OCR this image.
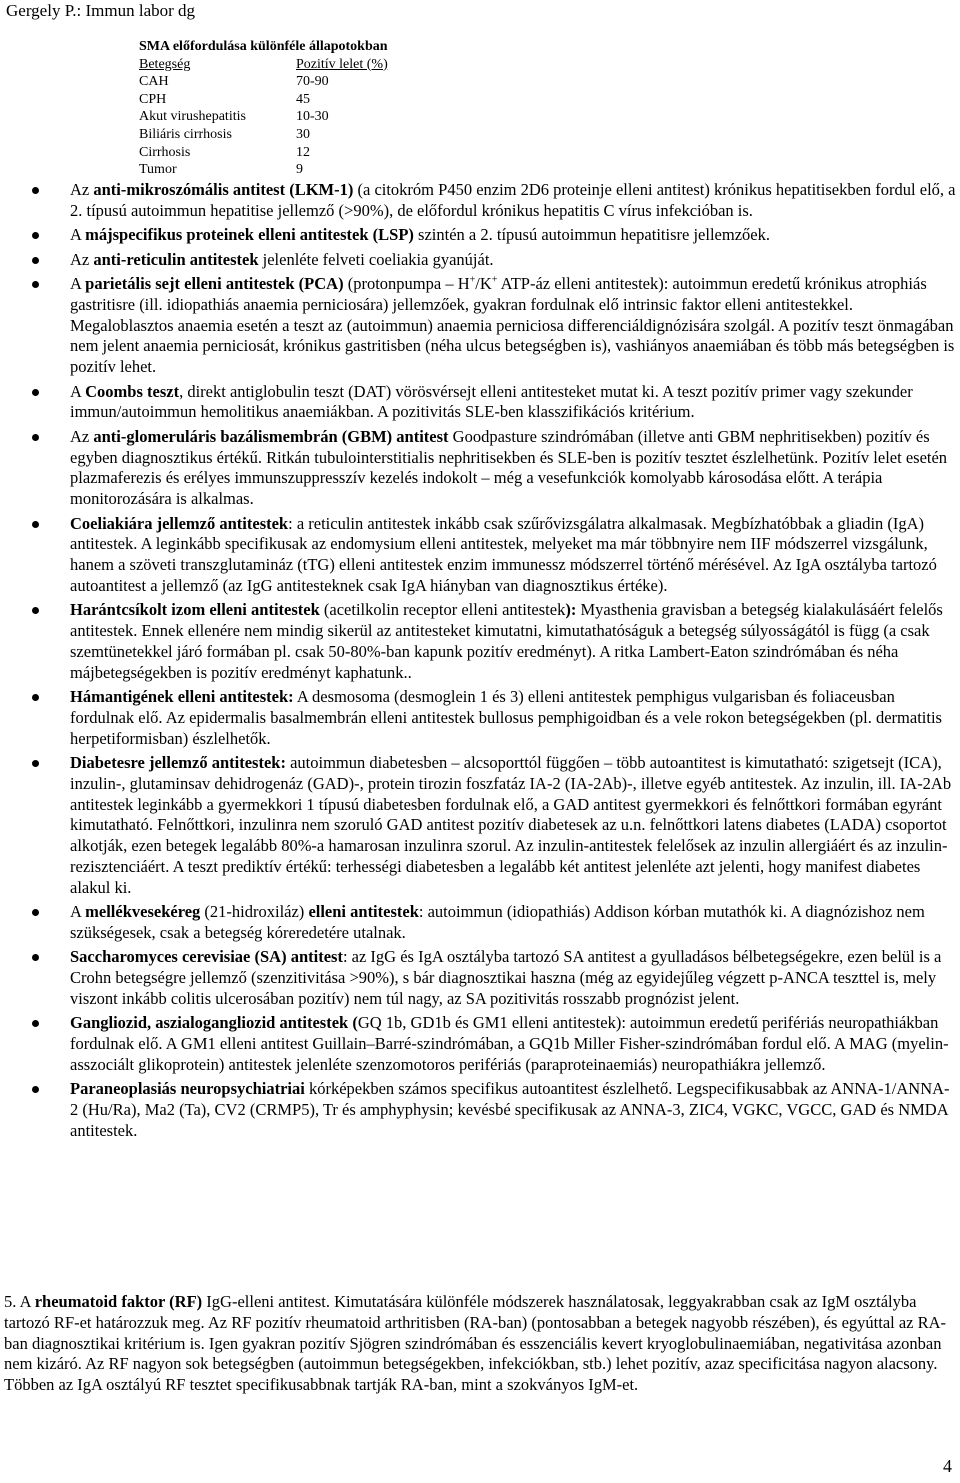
Gergely P.: Immun labor dg
SMA előfordulása különféle állapotokban
Betegség	Pozitív lelet (%)
CAH	70-90
CPH	45
Akut virushepatitis	10-30
Biliáris cirrhosis	30
Cirrhosis	12
Tumor	9
Az anti-mikroszómális antitest (LKM-1) (a citokróm P450 enzim 2D6 proteinje elleni antitest) krónikus hepatitisekben fordul elő, a 2. típusú autoimmun hepatitise jellemző (>90%), de előfordul krónikus hepatitis C vírus infekcióban is.
A májspecifikus proteinek elleni antitestek (LSP) szintén a 2. típusú autoimmun hepatitisre jellemzőek.
Az anti-reticulin antitestek jelenléte felveti coeliakia gyanúját.
A parietális sejt elleni antitestek (PCA) (protonpumpa – H+/K+ ATP-áz elleni antitestek): autoimmun eredetű krónikus atrophiás gastritisre (ill. idiopathiás anaemia perniciosára) jellemzőek, gyakran fordulnak elő intrinsic faktor elleni antitestekkel. Megaloblasztos anaemia esetén a teszt az (autoimmun) anaemia perniciosa differenciáldignózisára szolgál. A pozitív teszt önmagában nem jelent anaemia perniciosát, krónikus gastritisben (néha ulcus betegségben is), vashiányos anaemiában és több más betegségben is pozitív lehet.
A Coombs teszt, direkt antiglobulin teszt (DAT) vörösvérsejt elleni antitesteket mutat ki. A teszt pozitív primer vagy szekunder immun/autoimmun hemolitikus anaemiákban. A pozitivitás SLE-ben klasszifikációs kritérium.
Az anti-glomeruláris bazálismembrán (GBM) antitest Goodpasture szindrómában (illetve anti GBM nephritisekben) pozitív és egyben diagnosztikus értékű. Ritkán tubulointerstitialis nephritisekben és SLE-ben is pozitív tesztet észlelhetünk. Pozitív lelet esetén plazmaferezis és erélyes immunszuppresszív kezelés indokolt – még a vesefunkciók komolyabb károsodása előtt. A terápia monitorozására is alkalmas.
Coeliakiára jellemző antitestek: a reticulin antitestek inkább csak szűrővizsgálatra alkalmasak. Megbízhatóbbak a gliadin (IgA) antitestek. A leginkább specifikusak az endomysium elleni antitestek, melyeket ma már többnyire nem IIF módszerrel vizsgálunk, hanem a szöveti transzglutamináz (tTG) elleni antitestek enzim immunessz módszerrel történő mérésével. Az IgA osztályba tartozó autoantitest a jellemző (az IgG antitesteknek csak IgA hiányban van diagnosztikus értéke).
Harántcsíkolt izom elleni antitestek (acetilkolin receptor elleni antitestek): Myasthenia gravisban a betegség kialakulásáért felelős antitestek. Ennek ellenére nem mindig sikerül az antitesteket kimutatni, kimutathatóságuk a betegség súlyosságától is függ (a csak szemtünetekkel járó formában pl. csak 50-80%-ban kapunk pozitív eredményt). A ritka Lambert-Eaton szindrómában és néha májbetegségekben is pozitív eredményt kaphatunk..
Hámantigének elleni antitestek: A desmosoma (desmoglein 1 és 3) elleni antitestek pemphigus vulgarisban és foliaceusban fordulnak elő. Az epidermalis basalmembrán elleni antitestek bullosus pemphigoidban és a vele rokon betegségekben (pl. dermatitis herpetiformisban) észlelhetők.
Diabetesre jellemző antitestek: autoimmun diabetesben – alcsoporttól függően – több autoantitest is kimutatható: szigetsejt (ICA), inzulin-, glutaminsav dehidrogenáz (GAD)-, protein tirozin foszfatáz IA-2 (IA-2Ab)-, illetve egyéb antitestek. Az inzulin, ill. IA-2Ab antitestek leginkább a gyermekkori 1 típusú diabetesben fordulnak elő, a GAD antitest gyermekkori és felnőttkori formában egyránt kimutatható. Felnőttkori, inzulinra nem szoruló GAD antitest pozitív diabetesek az u.n. felnőttkori latens diabetes (LADA) csoportot alkotják, ezen betegek legalább 80%-a hamarosan inzulinra szorul. Az inzulin-antitestek felelősek az inzulin allergiáért és az inzulin-rezisztenciáért. A teszt prediktív értékű: terhességi diabetesben a legalább két antitest jelenléte azt jelenti, hogy manifest diabetes alakul ki.
A mellékvesekéreg (21-hidroxiláz) elleni antitestek: autoimmun (idiopathiás) Addison kórban mutathók ki. A diagnózishoz nem szükségesek, csak a betegség kóreredetére utalnak.
Saccharomyces cerevisiae (SA) antitest: az IgG és IgA osztályba tartozó SA antitest a gyulladásos bélbetegségekre, ezen belül is a Crohn betegségre jellemző (szenzitivitása >90%), s bár diagnosztikai haszna (még az egyidejűleg végzett p-ANCA teszttel is, mely viszont inkább colitis ulcerosában pozitív) nem túl nagy, az SA pozitivitás rosszabb prognózist jelent.
Gangliozid, aszialogangliozid antitestek (GQ 1b, GD1b és GM1 elleni antitestek): autoimmun eredetű perifériás neuropathiákban fordulnak elő. A GM1 elleni antitest Guillain–Barré-szindrómában, a GQ1b Miller Fisher-szindrómában fordul elő. A MAG (myelin-asszociált glikoprotein) antitestek jelenléte szenzomotoros perifériás (paraproteinaemiás) neuropathiákra jellemző.
Paraneoplasiás neuropsychiatriai kórképekben számos specifikus autoantitest észlelhető. Legspecifikusabbak az ANNA-1/ANNA-2 (Hu/Ra), Ma2 (Ta), CV2 (CRMP5), Tr és amphyphysin; kevésbé specifikusak az ANNA-3, ZIC4, VGKC, VGCC, GAD és NMDA antitestek.
5. A rheumatoid faktor (RF) IgG-elleni antitest. Kimutatására különféle módszerek használatosak, leggyakrabban csak az IgM osztályba tartozó RF-et határozzuk meg. Az RF pozitív rheumatoid arthritisben (RA-ban) (pontosabban a betegek nagyobb részében), és egyúttal az RA-ban diagnosztikai kritérium is. Igen gyakran pozitív Sjögren szindrómában és esszenciális kevert kryoglobulinaemiában, negativitása azonban nem kizáró. Az RF nagyon sok betegségben (autoimmun betegségekben, infekciókban, stb.) lehet pozitív, azaz specificitása nagyon alacsony. Többen az IgA osztályú RF tesztet specifikusabbnak tartják RA-ban, mint a szokványos IgM-et.
4
